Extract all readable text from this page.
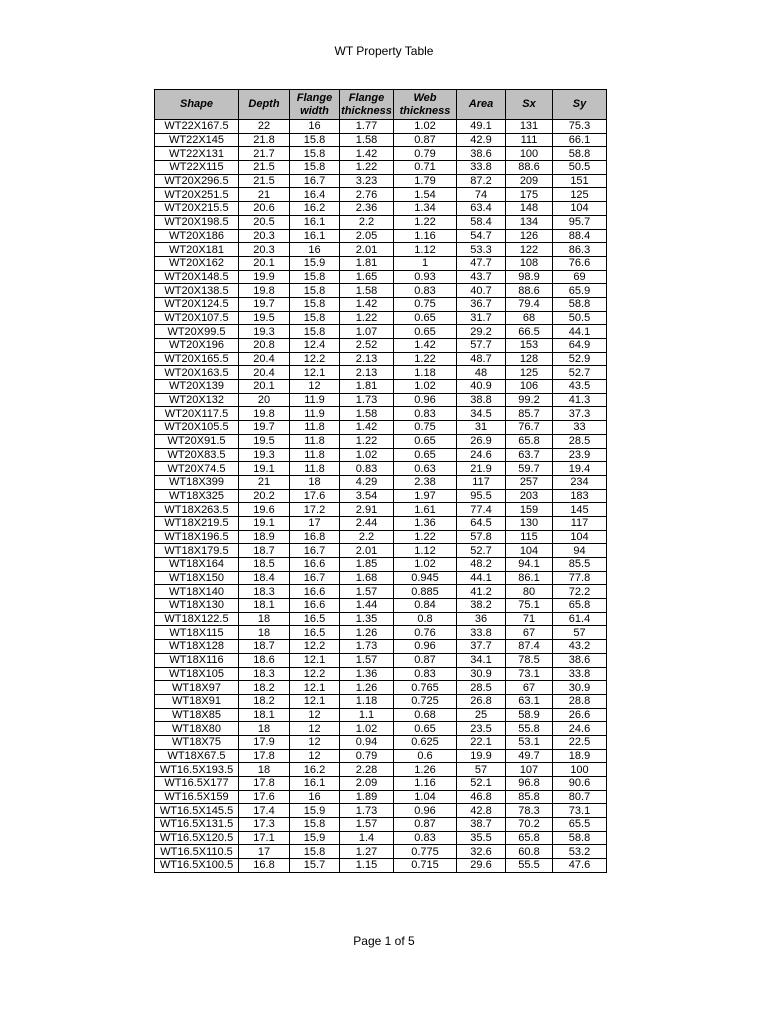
WT Property Table
Shape	Depth	Flange width	Flange thickness	Web thickness	Area	Sx	Sy
WT22X167.5	22	16	1.77	1.02	49.1	131	75.3
WT22X145	21.8	15.8	1.58	0.87	42.9	111	66.1
WT22X131	21.7	15.8	1.42	0.79	38.6	100	58.8
WT22X115	21.5	15.8	1.22	0.71	33.8	88.6	50.5
WT20X296.5	21.5	16.7	3.23	1.79	87.2	209	151
WT20X251.5	21	16.4	2.76	1.54	74	175	125
WT20X215.5	20.6	16.2	2.36	1.34	63.4	148	104
WT20X198.5	20.5	16.1	2.2	1.22	58.4	134	95.7
WT20X186	20.3	16.1	2.05	1.16	54.7	126	88.4
WT20X181	20.3	16	2.01	1.12	53.3	122	86.3
WT20X162	20.1	15.9	1.81	1	47.7	108	76.6
WT20X148.5	19.9	15.8	1.65	0.93	43.7	98.9	69
WT20X138.5	19.8	15.8	1.58	0.83	40.7	88.6	65.9
WT20X124.5	19.7	15.8	1.42	0.75	36.7	79.4	58.8
WT20X107.5	19.5	15.8	1.22	0.65	31.7	68	50.5
WT20X99.5	19.3	15.8	1.07	0.65	29.2	66.5	44.1
WT20X196	20.8	12.4	2.52	1.42	57.7	153	64.9
WT20X165.5	20.4	12.2	2.13	1.22	48.7	128	52.9
WT20X163.5	20.4	12.1	2.13	1.18	48	125	52.7
WT20X139	20.1	12	1.81	1.02	40.9	106	43.5
WT20X132	20	11.9	1.73	0.96	38.8	99.2	41.3
WT20X117.5	19.8	11.9	1.58	0.83	34.5	85.7	37.3
WT20X105.5	19.7	11.8	1.42	0.75	31	76.7	33
WT20X91.5	19.5	11.8	1.22	0.65	26.9	65.8	28.5
WT20X83.5	19.3	11.8	1.02	0.65	24.6	63.7	23.9
WT20X74.5	19.1	11.8	0.83	0.63	21.9	59.7	19.4
WT18X399	21	18	4.29	2.38	117	257	234
WT18X325	20.2	17.6	3.54	1.97	95.5	203	183
WT18X263.5	19.6	17.2	2.91	1.61	77.4	159	145
WT18X219.5	19.1	17	2.44	1.36	64.5	130	117
WT18X196.5	18.9	16.8	2.2	1.22	57.8	115	104
WT18X179.5	18.7	16.7	2.01	1.12	52.7	104	94
WT18X164	18.5	16.6	1.85	1.02	48.2	94.1	85.5
WT18X150	18.4	16.7	1.68	0.945	44.1	86.1	77.8
WT18X140	18.3	16.6	1.57	0.885	41.2	80	72.2
WT18X130	18.1	16.6	1.44	0.84	38.2	75.1	65.8
WT18X122.5	18	16.5	1.35	0.8	36	71	61.4
WT18X115	18	16.5	1.26	0.76	33.8	67	57
WT18X128	18.7	12.2	1.73	0.96	37.7	87.4	43.2
WT18X116	18.6	12.1	1.57	0.87	34.1	78.5	38.6
WT18X105	18.3	12.2	1.36	0.83	30.9	73.1	33.8
WT18X97	18.2	12.1	1.26	0.765	28.5	67	30.9
WT18X91	18.2	12.1	1.18	0.725	26.8	63.1	28.8
WT18X85	18.1	12	1.1	0.68	25	58.9	26.6
WT18X80	18	12	1.02	0.65	23.5	55.8	24.6
WT18X75	17.9	12	0.94	0.625	22.1	53.1	22.5
WT18X67.5	17.8	12	0.79	0.6	19.9	49.7	18.9
WT16.5X193.5	18	16.2	2.28	1.26	57	107	100
WT16.5X177	17.8	16.1	2.09	1.16	52.1	96.8	90.6
WT16.5X159	17.6	16	1.89	1.04	46.8	85.8	80.7
WT16.5X145.5	17.4	15.9	1.73	0.96	42.8	78.3	73.1
WT16.5X131.5	17.3	15.8	1.57	0.87	38.7	70.2	65.5
WT16.5X120.5	17.1	15.9	1.4	0.83	35.5	65.8	58.8
WT16.5X110.5	17	15.8	1.27	0.775	32.6	60.8	53.2
WT16.5X100.5	16.8	15.7	1.15	0.715	29.6	55.5	47.6
Page 1 of 5
